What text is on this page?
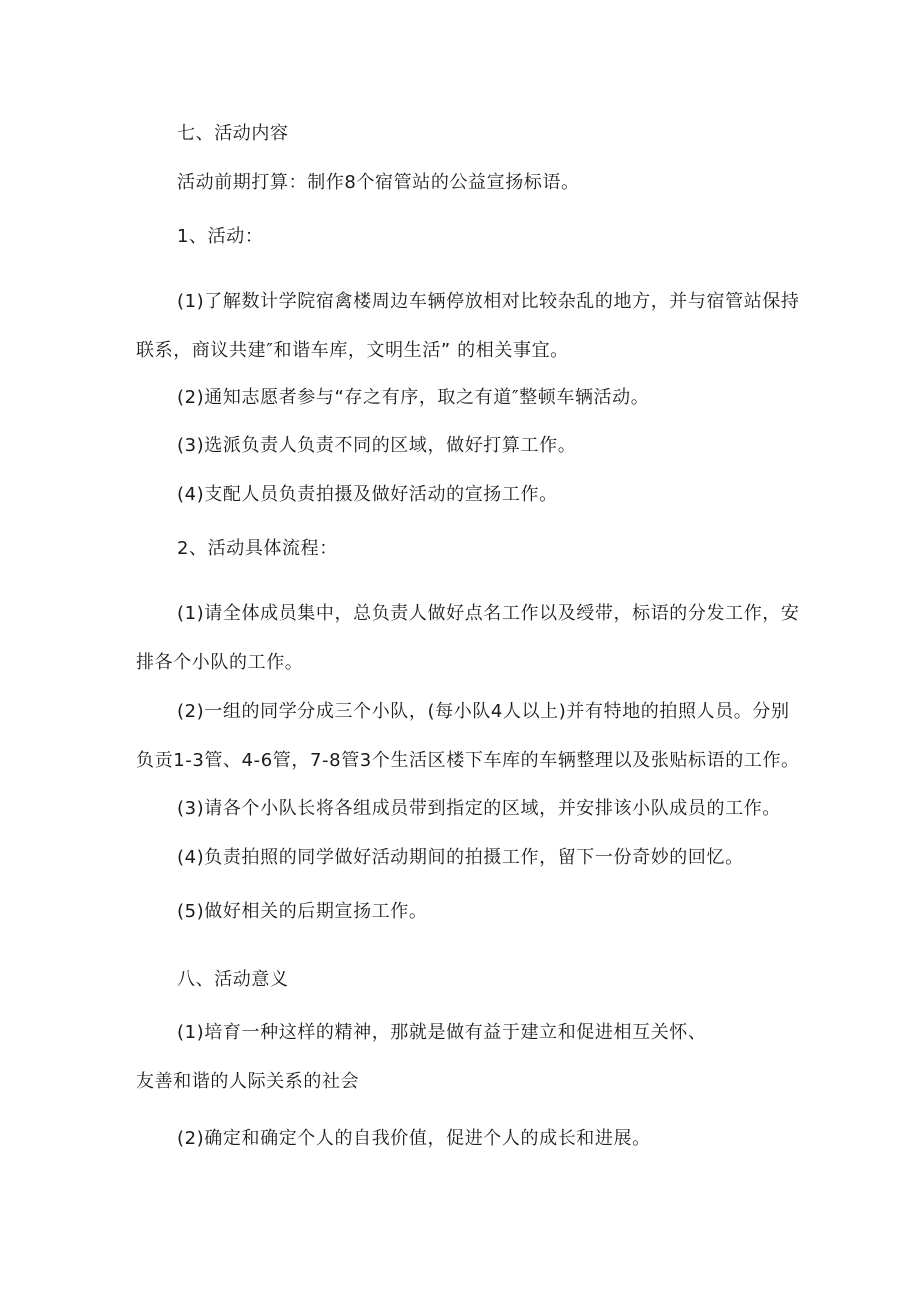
七、活动内容

活动前期打算：制作8个宿管站的公益宣扬标语。

1、活动：

(1)了解数计学院宿禽楼周边车辆停放相对比较杂乱的地方，并与宿管站保持

联系，商议共建″和谐车库，文明生活” 的相关事宜。

(2)通知志愿者参与“存之有序，取之有道″整顿车辆活动。

(3)选派负责人负责不同的区域，做好打算工作。

(4)支配人员负责拍摄及做好活动的宣扬工作。

2、活动具体流程：

(1)请全体成员集中，总负责人做好点名工作以及绶带，标语的分发工作，安

排各个小队的工作。

(2)一组的同学分成三个小队，(每小队4人以上)并有特地的拍照人员。分别

负贡1-3管、4-6管，7-8管3个生活区楼下车库的车辆整理以及张贴标语的工作。

(3)请各个小队长将各组成员带到指定的区域，并安排该小队成员的工作。

(4)负责拍照的同学做好活动期间的拍摄工作，留下一份奇妙的回忆。

(5)做好相关的后期宣扬工作。

八、活动意义

(1)培育一种这样的精神，那就是做有益于建立和促进相互关怀、

友善和谐的人际关系的社会

(2)确定和确定个人的自我价值，促进个人的成长和进展。
